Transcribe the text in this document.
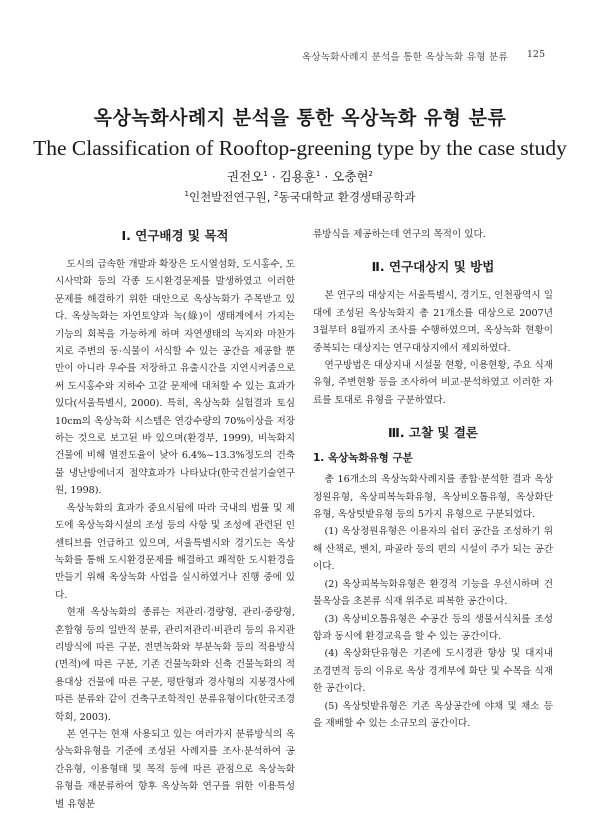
옥상녹화사례지 분석을 통한 옥상녹화 유형 분류 125
옥상녹화사례지 분석을 통한 옥상녹화 유형 분류
The Classification of Rooftop-greening type by the case study
권전오$^1$ · 김용훈$^1$ · 오충현$^2$
$^1$인천발전연구원, $^2$동국대학교 환경생태공학과
Ⅰ. 연구배경 및 목적

도시의 급속한 개발과 확장은 도시열섬화, 도시홍수, 도시사막화 등의 각종 도시환경문제를 발생하였고 이러한 문제를 해결하기 위한 대안으로 옥상녹화가 주목받고 있다. 옥상녹화는 자연토양과 녹(綠)이 생태계에서 가지는 기능의 회복을 가능하게 하며 자연생태의 녹지와 마찬가지로 주변의 동·식물이 서식할 수 있는 공간을 제공할 뿐만이 아니라 우수를 저장하고 유출시간을 지연시켜줌으로써 도시홍수와 지하수 고갈 문제에 대처할 수 있는 효과가 있다(서울특별시, 2000). 특히, 옥상녹화 실험결과 토심 10cm의 옥상녹화 시스템은 연강수량의 70%이상을 저장하는 것으로 보고된 바 있으며(환경부, 1999), 비녹화지 건물에 비해 열전도율이 낮아 6.4%~13.3%정도의 건축물 냉난방에너지 절약효과가 나타났다(한국건설기술연구원, 1998).

옥상녹화의 효과가 중요시됨에 따라 국내의 법률 및 제도에 옥상녹화시설의 조성 등의 사항 및 조성에 관련된 인센티브를 언급하고 있으며, 서울특별시와 경기도는 옥상녹화를 통해 도시환경문제를 해결하고 쾌적한 도시환경을 만들기 위해 옥상녹화 사업을 실시하였거나 진행 중에 있다.

현재 옥상녹화의 종류는 저관리·경량형, 관리·중량형, 혼합형 등의 일반적 분류, 관리저관리·비관리 등의 유지관리방식에 따른 구분, 전면녹화와 부분녹화 등의 적용방식(면적)에 따른 구분, 기존 건물녹화와 신축 건물녹화의 적용대상 건물에 따른 구분, 평탄형과 경사형의 지붕경사에 따른 분류와 같이 건축구조학적인 분류유형이다(한국조경학회, 2003).

본 연구는 현재 사용되고 있는 여러가지 분류방식의 옥상녹화유형을 기준에 조성된 사례지를 조사·분석하여 공간유형, 이용형태 및 목적 등에 따른 관점으로 옥상녹화 유형을 재분류하여 향후 옥상녹화 연구를 위한 이용특성별 유형분

류방식을 제공하는데 연구의 목적이 있다.

Ⅱ. 연구대상지 및 방법

본 연구의 대상지는 서울특별시, 경기도, 인천광역시 일대에 조성된 옥상녹화지 총 21개소를 대상으로 2007년 3월부터 8월까지 조사를 수행하였으며, 옥상녹화 현황이 중복되는 대상지는 연구대상지에서 제외하였다.

연구방법은 대상지내 시설물 현황, 이용현황, 주요 식재 유형, 주변현황 등을 조사하여 비교·분석하였고 이러한 자료를 토대로 유형을 구분하였다.

Ⅲ. 고찰 및 결론
1. 옥상녹화유형 구분

총 16개소의 옥상녹화사례지를 종합·분석한 결과 옥상정원유형, 옥상피복녹화유형, 옥상비오톱유형, 옥상화단유형, 옥상텃밭유형 등의 5가지 유형으로 구분되었다.

(1) 옥상정원유형은 이용자의 쉼터 공간을 조성하기 위해 산책로, 벤치, 파골라 등의 편의 시설이 주가 되는 공간이다.

(2) 옥상피복녹화유형은 환경적 기능을 우선시하며 건물옥상을 초본류 식재 위주로 피복한 공간이다.

(3) 옥상비오톱유형은 수공간 등의 생물서식처를 조성함과 동시에 환경교육을 할 수 있는 공간이다.

(4) 옥상화단유형은 기존에 도시경관 향상 및 대지내 조경면적 등의 이유로 옥상 경계부에 화단 및 수목을 식재한 공간이다.

(5) 옥상텃밭유형은 기존 옥상공간에 야채 및 채소 등을 재배할 수 있는 소규모의 공간이다.
